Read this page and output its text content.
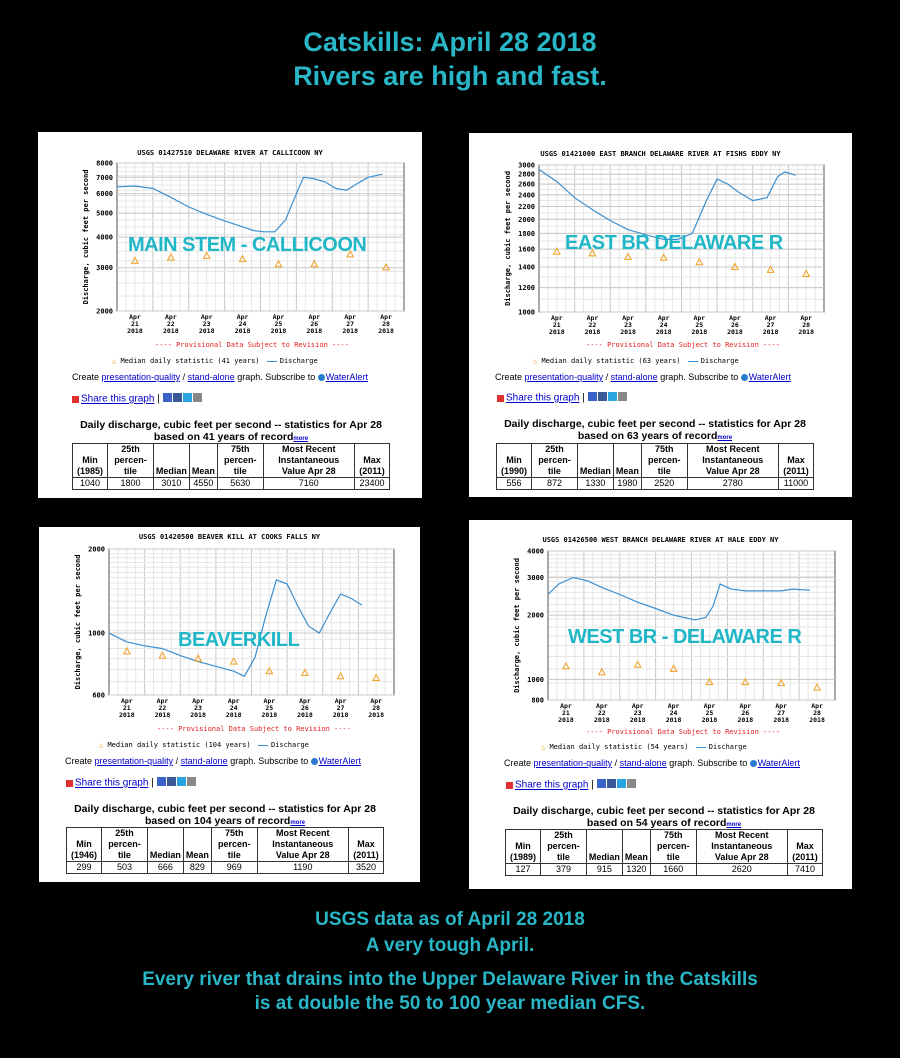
Catskills: April 28 2018
Rivers are high and fast.
USGS 01427510 DELAWARE RIVER AT CALLICOON NY
8000
7000
6000
5000
4000
3000
2000
Discharge, cubic feet per second
Apr 21 2018
Apr 22 2018
Apr 23 2018
Apr 24 2018
Apr 25 2018
Apr 26 2018
Apr 27 2018
Apr 28 2018
MAIN STEM - CALLICOON
---- Provisional Data Subject to Revision ----
△ Median daily statistic (41 years)	Discharge
Create presentation-quality / stand-alone graph. Subscribe to WaterAlert
Share this graph |
Daily discharge, cubic feet per second -- statistics for Apr 28
based on 41 years of recordmore
Min (1985)	25th percen- tile	Median	Mean	75th percen- tile	Most Recent Instantaneous Value Apr 28	Max (2011)
1040	1800	3010	4550	5630	7160	23400
USGS 01421000 EAST BRANCH DELAWARE RIVER AT FISHS EDDY NY
3000
2800
2600
2400
2200
2000
1800
1600
1400
1200
1000
Discharge, cubic feet per second
Apr 21 2018
Apr 22 2018
Apr 23 2018
Apr 24 2018
Apr 25 2018
Apr 26 2018
Apr 27 2018
Apr 28 2018
EAST BR DELAWARE R
---- Provisional Data Subject to Revision ----
△ Median daily statistic (63 years)	Discharge
Create presentation-quality / stand-alone graph. Subscribe to WaterAlert
Share this graph |
Daily discharge, cubic feet per second -- statistics for Apr 28
based on 63 years of recordmore
Min (1990)	25th percen- tile	Median	Mean	75th percen- tile	Most Recent Instantaneous Value Apr 28	Max (2011)
556	872	1330	1980	2520	2780	11000
USGS 01420500 BEAVER KILL AT COOKS FALLS NY
2000
1000
600
Discharge, cubic feet per second
Apr 21 2018
Apr 22 2018
Apr 23 2018
Apr 24 2018
Apr 25 2018
Apr 26 2018
Apr 27 2018
Apr 28 2018
BEAVERKILL
---- Provisional Data Subject to Revision ----
△ Median daily statistic (104 years)	Discharge
Create presentation-quality / stand-alone graph. Subscribe to WaterAlert
Share this graph |
Daily discharge, cubic feet per second -- statistics for Apr 28
based on 104 years of recordmore
Min (1946)	25th percen- tile	Median	Mean	75th percen- tile	Most Recent Instantaneous Value Apr 28	Max (2011)
299	503	666	829	969	1190	3520
USGS 01426500 WEST BRANCH DELAWARE RIVER AT HALE EDDY NY
4000
3000
2000
1000
800
Discharge, cubic feet per second
Apr 21 2018
Apr 22 2018
Apr 23 2018
Apr 24 2018
Apr 25 2018
Apr 26 2018
Apr 27 2018
Apr 28 2018
WEST BR - DELAWARE R
---- Provisional Data Subject to Revision ----
△ Median daily statistic (54 years)	Discharge
Create presentation-quality / stand-alone graph. Subscribe to WaterAlert
Share this graph |
Daily discharge, cubic feet per second -- statistics for Apr 28
based on 54 years of recordmore
Min (1989)	25th percen- tile	Median	Mean	75th percen- tile	Most Recent Instantaneous Value Apr 28	Max (2011)
127	379	915	1320	1660	2620	7410
USGS data as of April 28 2018
A very tough April.
Every river that drains into the Upper Delaware River in the Catskills
is at double the 50 to 100 year median CFS.
